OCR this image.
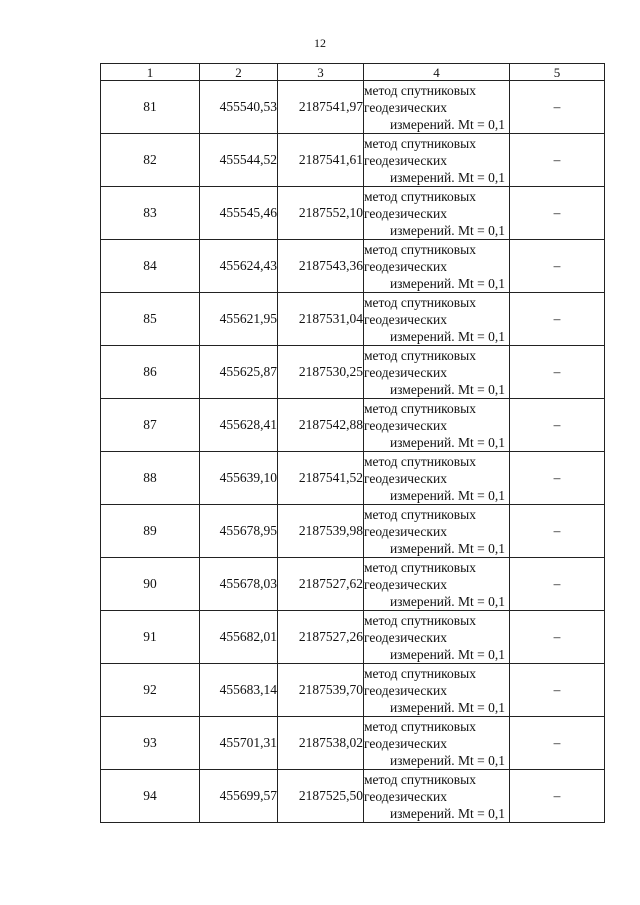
12
1	2	3	4	5
81	455540,53	2187541,97	метод спутниковых
геодезических
измерений. Mt = 0,1	–
82	455544,52	2187541,61	метод спутниковых
геодезических
измерений. Mt = 0,1	–
83	455545,46	2187552,10	метод спутниковых
геодезических
измерений. Mt = 0,1	–
84	455624,43	2187543,36	метод спутниковых
геодезических
измерений. Mt = 0,1	–
85	455621,95	2187531,04	метод спутниковых
геодезических
измерений. Mt = 0,1	–
86	455625,87	2187530,25	метод спутниковых
геодезических
измерений. Mt = 0,1	–
87	455628,41	2187542,88	метод спутниковых
геодезических
измерений. Mt = 0,1	–
88	455639,10	2187541,52	метод спутниковых
геодезических
измерений. Mt = 0,1	–
89	455678,95	2187539,98	метод спутниковых
геодезических
измерений. Mt = 0,1	–
90	455678,03	2187527,62	метод спутниковых
геодезических
измерений. Mt = 0,1	–
91	455682,01	2187527,26	метод спутниковых
геодезических
измерений. Mt = 0,1	–
92	455683,14	2187539,70	метод спутниковых
геодезических
измерений. Mt = 0,1	–
93	455701,31	2187538,02	метод спутниковых
геодезических
измерений. Mt = 0,1	–
94	455699,57	2187525,50	метод спутниковых
геодезических
измерений. Mt = 0,1	–
